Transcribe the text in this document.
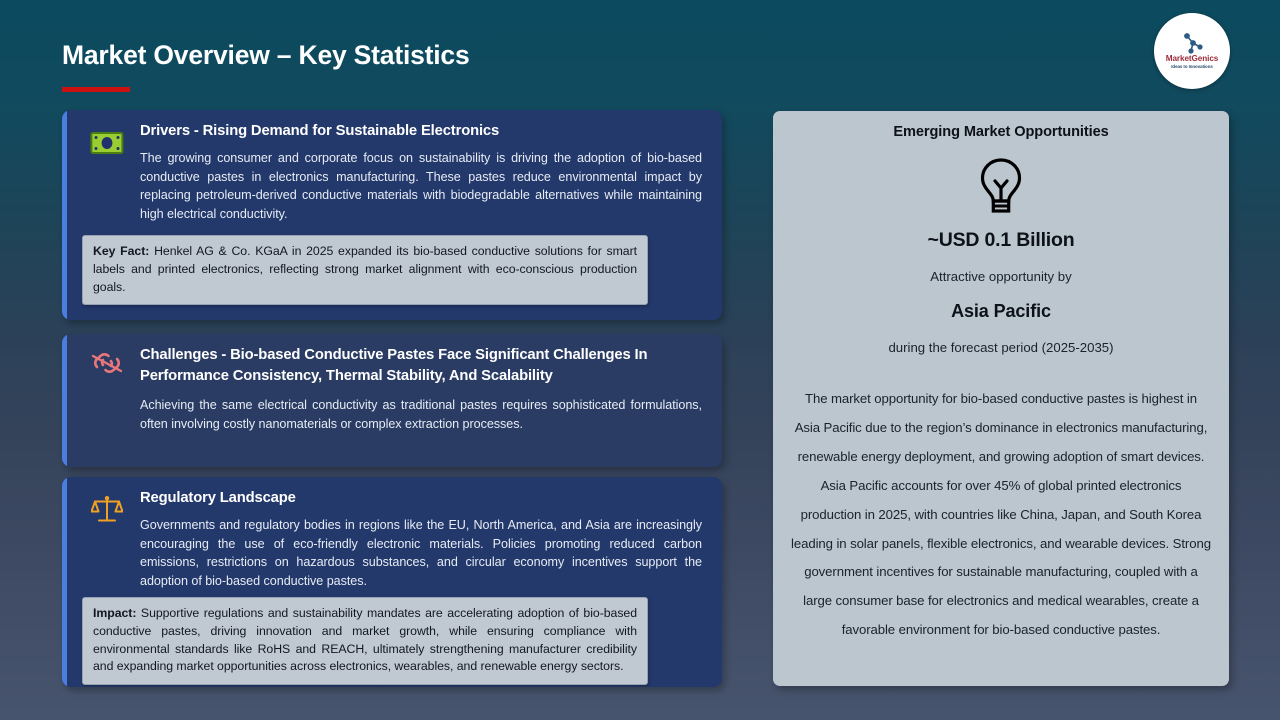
Market Overview – Key Statistics	MarketGenics
Ideas to Innovations
Drivers - Rising Demand for Sustainable Electronics
The growing consumer and corporate focus on sustainability is driving the adoption of bio-based conductive pastes in electronics manufacturing. These pastes reduce environmental impact by replacing petroleum-derived conductive materials with biodegradable alternatives while maintaining high electrical conductivity.
Key Fact: Henkel AG & Co. KGaA in 2025 expanded its bio-based conductive solutions for smart labels and printed electronics, reflecting strong market alignment with eco-conscious production goals.
Challenges - Bio-based Conductive Pastes Face Significant Challenges In Performance Consistency, Thermal Stability, And Scalability
Achieving the same electrical conductivity as traditional pastes requires sophisticated formulations, often involving costly nanomaterials or complex extraction processes.
Regulatory Landscape
Governments and regulatory bodies in regions like the EU, North America, and Asia are increasingly encouraging the use of eco-friendly electronic materials. Policies promoting reduced carbon emissions, restrictions on hazardous substances, and circular economy incentives support the adoption of bio-based conductive pastes.
Impact: Supportive regulations and sustainability mandates are accelerating adoption of bio-based conductive pastes, driving innovation and market growth, while ensuring compliance with environmental standards like RoHS and REACH, ultimately strengthening manufacturer credibility and expanding market opportunities across electronics, wearables, and renewable energy sectors.
Emerging Market Opportunities
~USD 0.1 Billion
Attractive opportunity by
Asia Pacific
during the forecast period (2025-2035)
The market opportunity for bio-based conductive pastes is highest in Asia Pacific due to the region’s dominance in electronics manufacturing, renewable energy deployment, and growing adoption of smart devices. Asia Pacific accounts for over 45% of global printed electronics production in 2025, with countries like China, Japan, and South Korea leading in solar panels, flexible electronics, and wearable devices. Strong government incentives for sustainable manufacturing, coupled with a large consumer base for electronics and medical wearables, create a favorable environment for bio-based conductive pastes.
